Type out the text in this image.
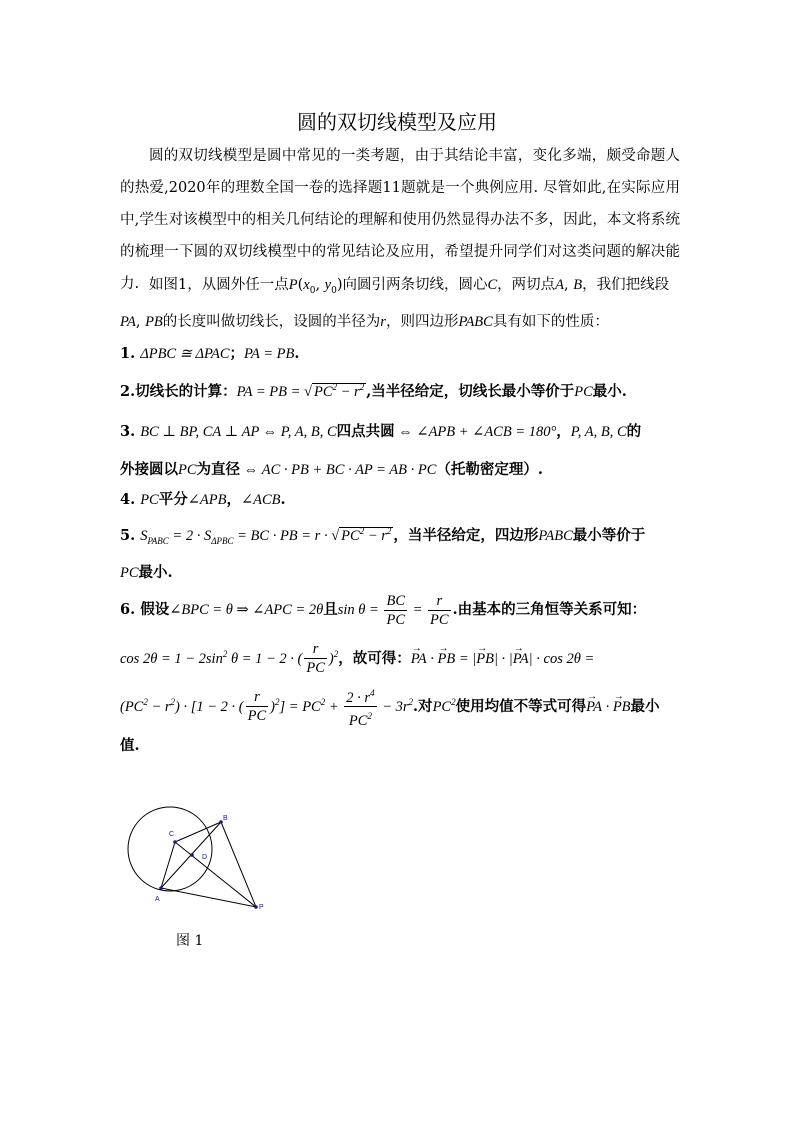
圆的双切线模型及应用

圆的双切线模型是圆中常见的一类考题，由于其结论丰富，变化多端，颇受命题人的热爱,2020年的理数全国一卷的选择题11题就是一个典例应用. 尽管如此,在实际应用中,学生对该模型中的相关几何结论的理解和使用仍然显得办法不多，因此，本文将系统的梳理一下圆的双切线模型中的常见结论及应用，希望提升同学们对这类问题的解决能力. 如图1，从圆外任一点$P(x_0$, $y_0$)向圆引两条切线，圆心C，两切点A, B，我们把线段
PA, PB的长度叫做切线长，设圆的半径为r，则四边形PABC具有如下的性质：
1. ΔPBC ≅ ΔPAC；PA = PB.
2.切线长的计算：PA = PB = √ $PC^2 - r^2$ ,当半径给定，切线长最小等价于PC最小.
3. BC ⊥ BP, CA ⊥ AP ⇔ P, A, B, C四点共圆 ⇔ ∠APB + ∠ACB = 180°，P, A, B, C的
外接圆以PC为直径 ⇔ AC · PB + BC · AP = AB · PC（托勒密定理）.
4. PC平分∠APB，∠ACB.
5. $S_{PABC} = 2 \cdot S_{\Delta PBC}$ = BC · PB = r · √ $PC^2 - r^2$ ，当半径给定，四边形PABC最小等价于
PC最小.
6. 假设∠BPC = θ ⇒ ∠APC = 2θ且$\sin \theta = \frac{BC}{PC} = \frac{r}{PC}$ .由基本的三角恒等关系可知：
$\cos 2\theta = 1 - 2\sin^2$ θ = 1 − 2 · ( $\frac{r}{PC} )^2$，故可得：→ PA · → PB = |→ PB| · |→ PA| · cos 2θ =
$(PC^2 - r^2) \cdot [1 - 2$ · ( $\frac{r}{PC} )^2] = PC^2 + \frac{2 \cdot r^4}{PC^2} - 3r^2$.对$PC^2$使用均值不等式可得→ PA · → PB最小
值.
B
C
D
A
P
图 1
